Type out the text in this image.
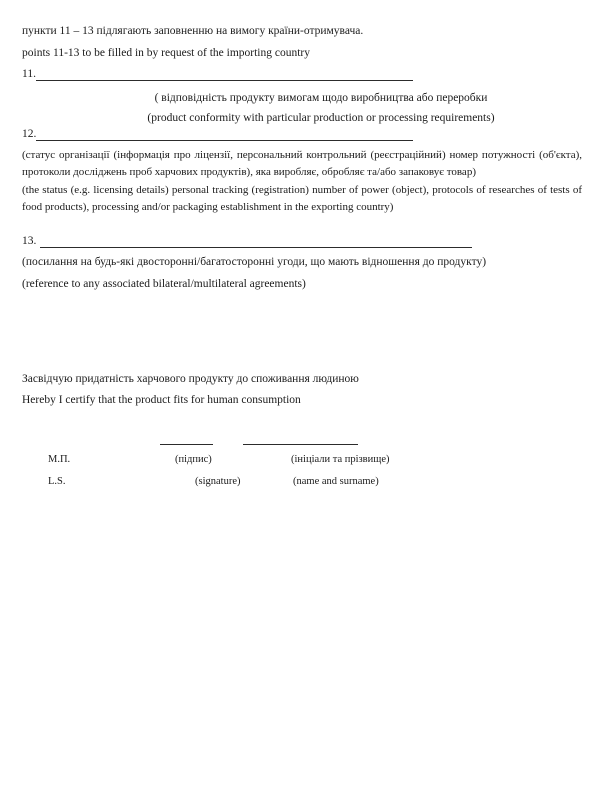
пункти 11 – 13 підлягають заповненню на вимогу країни-отримувача.
points 11-13 to be filled in by request of the importing country
11.
( відповідність продукту вимогам щодо виробництва або переробки
(product conformity with particular production or processing requirements)
12.
(статус організації (інформація про ліцензії, персональний контрольний (реєстраційний) номер потужності (об'єкта), протоколи досліджень проб харчових продуктів), яка виробляє, обробляє та/або запаковує товар)
(the status (e.g. licensing details) personal tracking (registration) number of power (object), protocols of researches of tests of food products), processing and/or packaging establishment in the exporting country)
13.
(посилання на будь-які двосторонні/багатосторонні угоди, що мають відношення до продукту)
(reference to any associated bilateral/multilateral agreements)
Засвідчую придатність харчового продукту до споживання людиною
Hereby I certify that the product fits for human consumption
М.П.	(підпис)	(ініціали та прізвище)
L.S.	(signature)	(name and surname)
